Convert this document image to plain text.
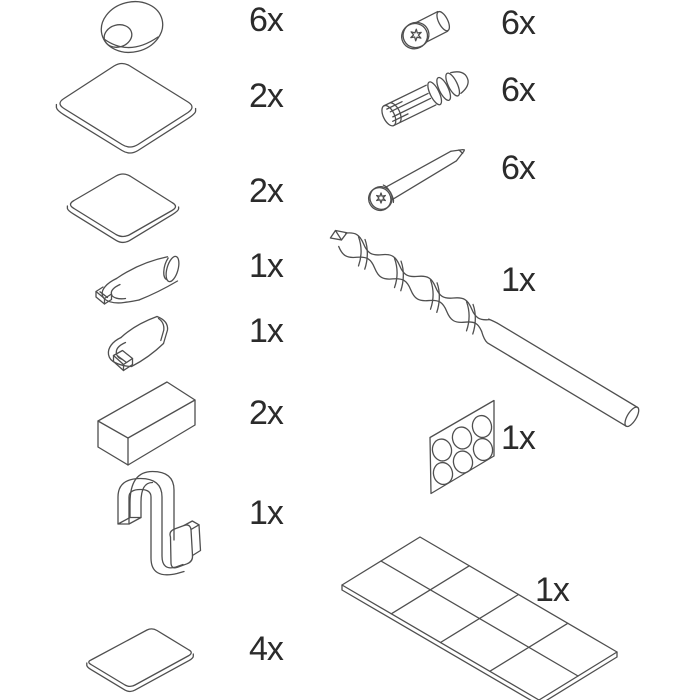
6x
2x
2x
1x
1x
2x
1x
4x
6x
6x
6x
1x
1x
1x
